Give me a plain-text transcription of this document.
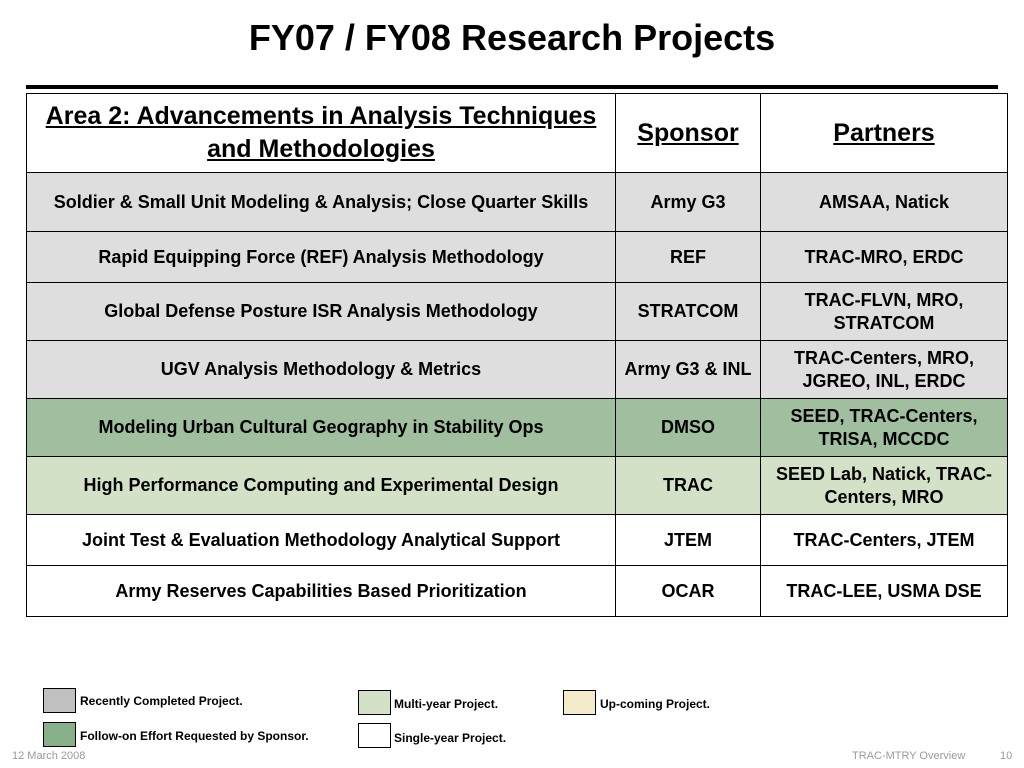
FY07 / FY08 Research Projects
Area 2: Advancements in Analysis Techniques and Methodologies	Sponsor	Partners
Soldier & Small Unit Modeling & Analysis; Close Quarter Skills	Army G3	AMSAA, Natick
Rapid Equipping Force (REF) Analysis Methodology	REF	TRAC-MRO, ERDC
Global Defense Posture ISR Analysis Methodology	STRATCOM	TRAC-FLVN, MRO, STRATCOM
UGV Analysis Methodology & Metrics	Army G3 & INL	TRAC-Centers, MRO, JGREO, INL, ERDC
Modeling Urban Cultural Geography in Stability Ops	DMSO	SEED, TRAC-Centers, TRISA, MCCDC
High Performance Computing and Experimental Design	TRAC	SEED Lab, Natick, TRAC-Centers, MRO
Joint Test & Evaluation Methodology Analytical Support	JTEM	TRAC-Centers, JTEM
Army Reserves Capabilities Based Prioritization	OCAR	TRAC-LEE, USMA DSE
Recently Completed Project.
Follow-on Effort Requested by Sponsor.
Multi-year Project.
Single-year Project.
Up-coming Project.
12 March 2008	TRAC-MTRY Overview	10
